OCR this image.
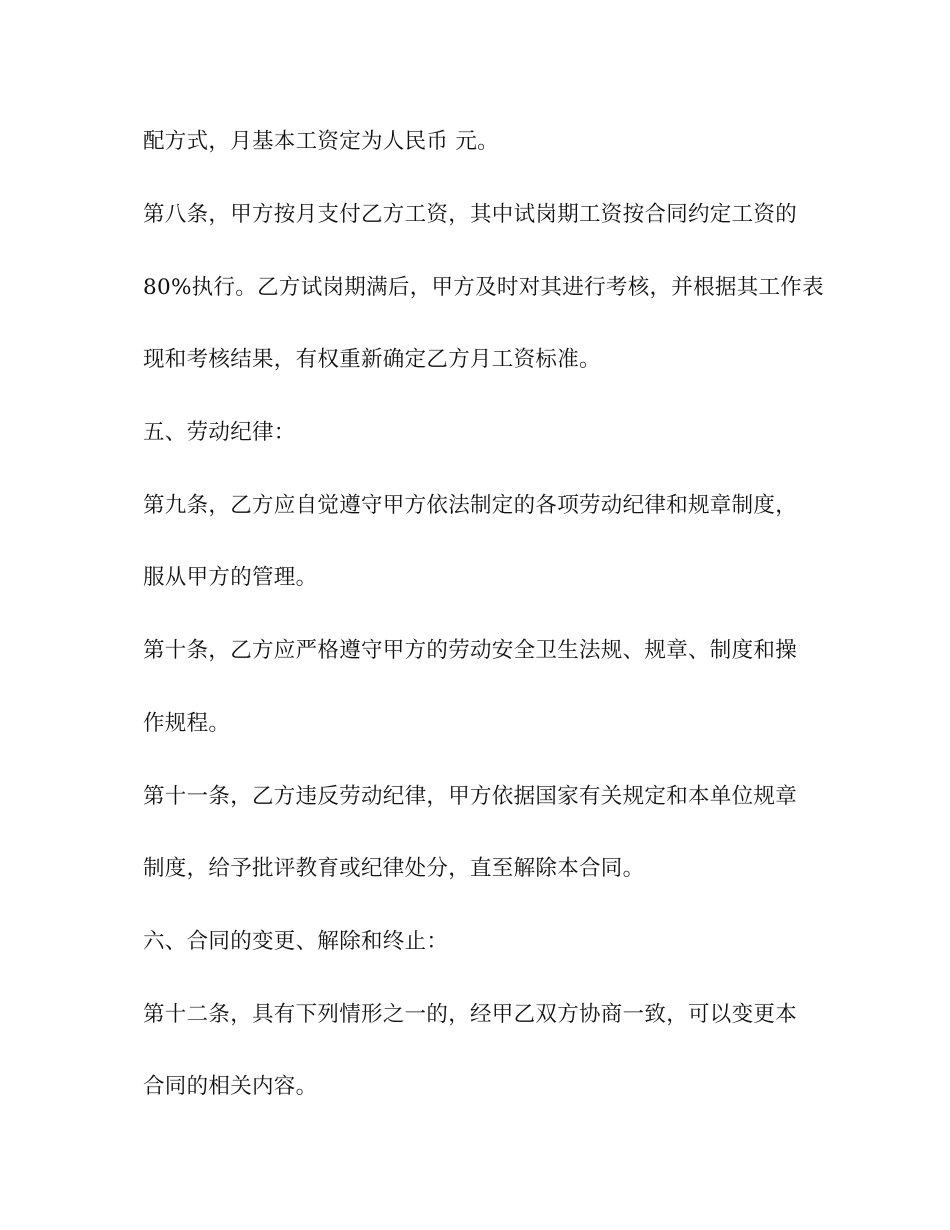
配方式，月基本工资定为人民币 元。

第八条，甲方按月支付乙方工资，其中试岗期工资按合同约定工资的

80%执行。乙方试岗期满后，甲方及时对其进行考核，并根据其工作表

现和考核结果，有权重新确定乙方月工资标准。

五、劳动纪律：

第九条，乙方应自觉遵守甲方依法制定的各项劳动纪律和规章制度，

服从甲方的管理。

第十条，乙方应严格遵守甲方的劳动安全卫生法规、规章、制度和操

作规程。

第十一条，乙方违反劳动纪律，甲方依据国家有关规定和本单位规章

制度，给予批评教育或纪律处分，直至解除本合同。

六、合同的变更、解除和终止：

第十二条，具有下列情形之一的，经甲乙双方协商一致，可以变更本

合同的相关内容。
